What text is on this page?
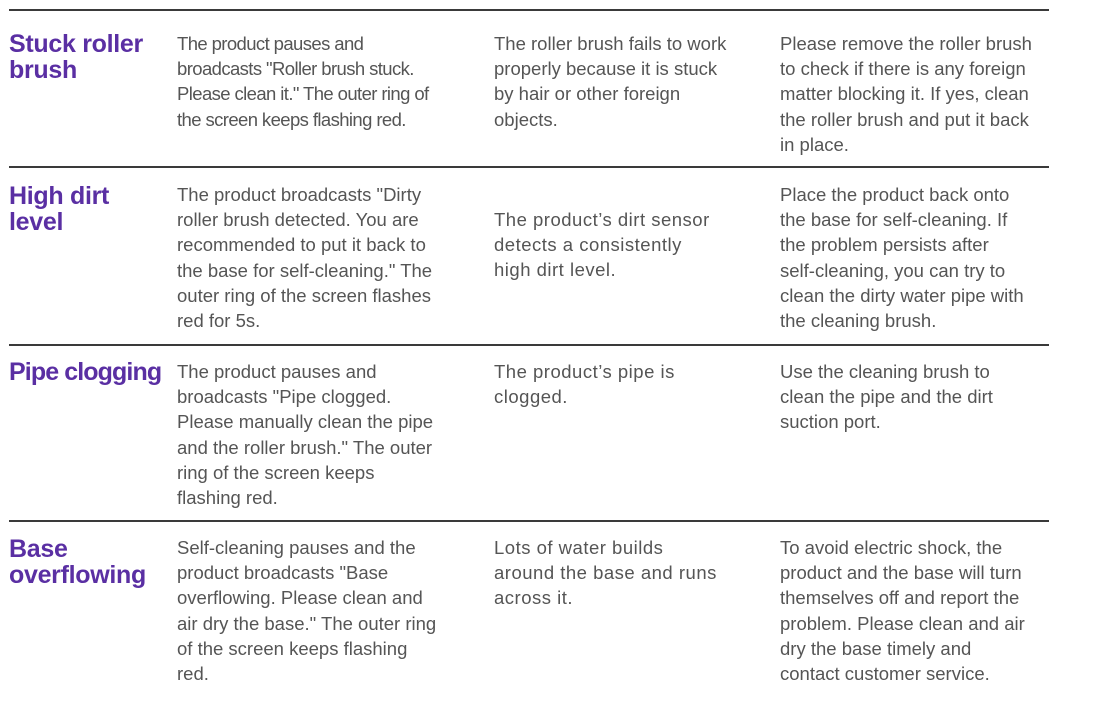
Stuck roller
brush
The product pauses and
broadcasts "Roller brush stuck.
Please clean it." The outer ring of
the screen keeps flashing red.
The roller brush fails to work
properly because it is stuck
by hair or other foreign
objects.
Please remove the roller brush
to check if there is any foreign
matter blocking it. If yes, clean
the roller brush and put it back
in place.
High dirt
level
The product broadcasts "Dirty
roller brush detected. You are
recommended to put it back to
the base for self-cleaning." The
outer ring of the screen flashes
red for 5s.
The product’s dirt sensor
detects a consistently
high dirt level.
Place the product back onto
the base for self-cleaning. If
the problem persists after
self-cleaning, you can try to
clean the dirty water pipe with
the cleaning brush.
Pipe clogging The product pauses and
broadcasts "Pipe clogged.
Please manually clean the pipe
and the roller brush." The outer
ring of the screen keeps
flashing red.
The product’s pipe is
clogged.
Use the cleaning brush to
clean the pipe and the dirt
suction port.
Base
overflowing
Self-cleaning pauses and the
product broadcasts "Base
overflowing. Please clean and
air dry the base." The outer ring
of the screen keeps flashing
red.
Lots of water builds
around the base and runs
across it.
To avoid electric shock, the
product and the base will turn
themselves off and report the
problem. Please clean and air
dry the base timely and
contact customer service.
